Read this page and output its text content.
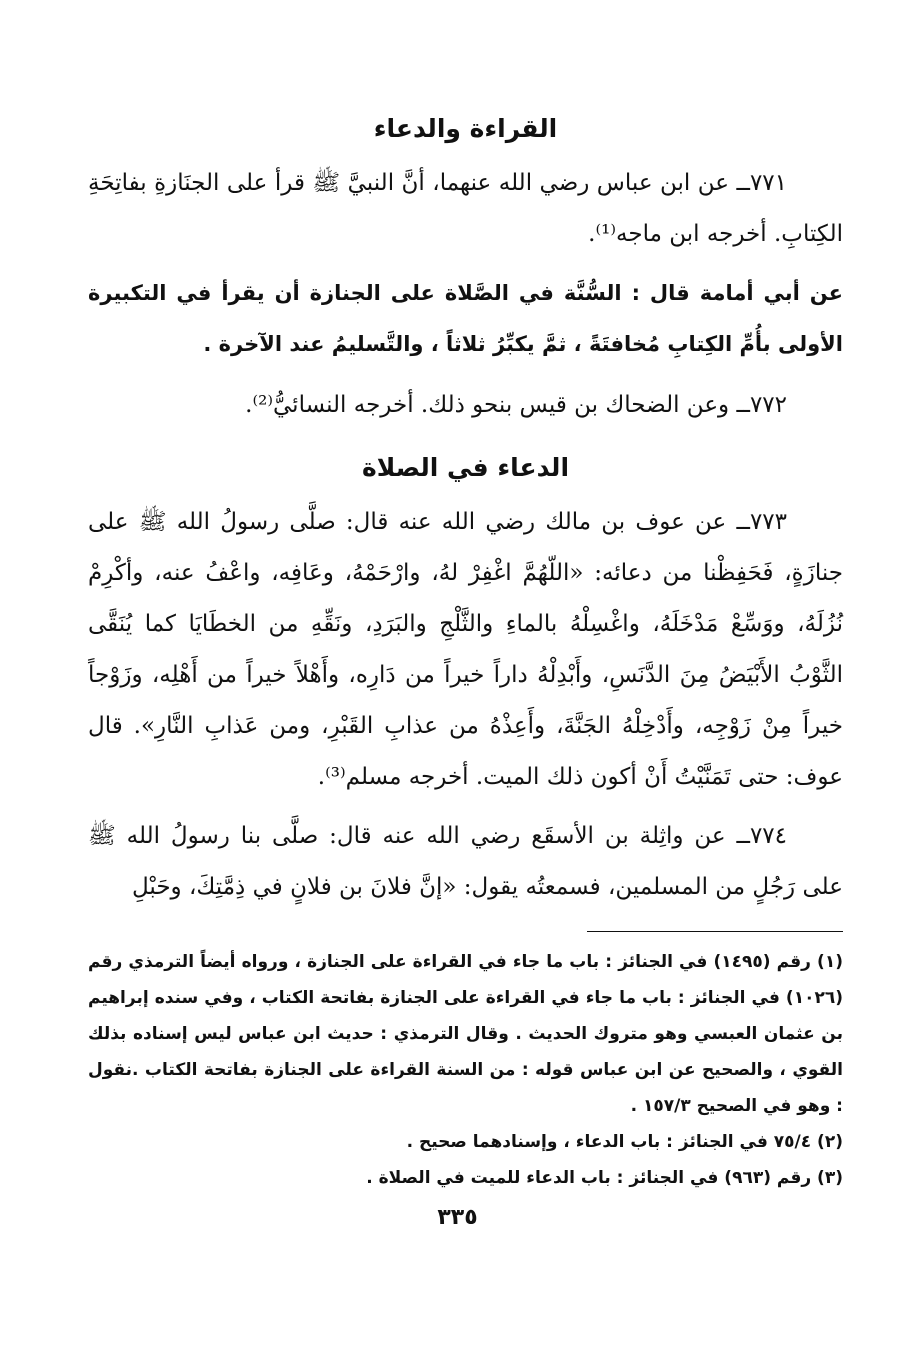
القراءة والدعاء

٧٧١ــ عن ابن عباس رضي الله عنهما، أنَّ النبيَّ ﷺ قرأ على الجنَازةِ بفاتِحَةِ الكِتابِ. أخرجه ابن ماجه⁽¹⁾.

عن أبي أمامة قال : السُّنَّة في الصَّلاة على الجنازة أن يقرأ في التكبيرة الأولى بأُمِّ الكِتابِ مُخافتَةً ، ثمَّ يكبِّرُ ثلاثاً ، والتَّسليمُ عند الآخرة .

٧٧٢ــ وعن الضحاك بن قيس بنحو ذلك. أخرجه النسائيُّ⁽²⁾.

الدعاء في الصلاة

٧٧٣ــ عن عوف بن مالك رضي الله عنه قال: صلَّى رسولُ الله ﷺ على جنازَةٍ، فَحَفِظْنا من دعائه: «اللّهُمَّ اغْفِرْ لهُ، وارْحَمْهُ، وعَافِه، واعْفُ عنه، وأكْرِمْ نُزُلَهُ، ووَسِّعْ مَدْخَلَهُ، واغْسِلْهُ بالماءِ والثَّلْجِ والبَرَدِ، ونَقِّهِ من الخطَايَا كما يُنَقَّى الثَّوْبُ الأَبْيَضُ مِنَ الدَّنَسِ، وأَبْدِلْهُ داراً خيراً من دَارِه، وأَهْلاً خيراً من أَهْلِه، وزَوْجاً خيراً مِنْ زَوْجِه، وأَدْخِلْهُ الجَنَّةَ، وأَعِذْهُ من عذابِ القَبْرِ، ومن عَذابِ النَّارِ». قال عوف: حتى تَمَنَّيْتُ أَنْ أكون ذلك الميت. أخرجه مسلم⁽³⁾.

٧٧٤ــ عن واثِلة بن الأسقَع رضي الله عنه قال: صلَّى بنا رسولُ الله ﷺ على رَجُلٍ من المسلمين، فسمعتُه يقول: «إنَّ فلانَ بن فلانٍ في ذِمَّتِكَ، وحَبْلِ

(١) رقم (١٤٩٥) في الجنائز : باب ما جاء في القراءة على الجنازة ، ورواه أيضاً الترمذي رقم (١٠٢٦) في الجنائز : باب ما جاء في القراءة على الجنازة بفاتحة الكتاب ، وفي سنده إبراهيم بن عثمان العبسي وهو متروك الحديث . وقال الترمذي : حديث ابن عباس ليس إسناده بذلك القوي ، والصحيح عن ابن عباس قوله : من السنة القراءة على الجنازة بفاتحة الكتاب .نقول : وهو في الصحيح ١٥٧/٣ .

(٢) ٧٥/٤ في الجنائز : باب الدعاء ، وإسنادهما صحيح .

(٣) رقم (٩٦٣) في الجنائز : باب الدعاء للميت في الصلاة .

٣٣٥
